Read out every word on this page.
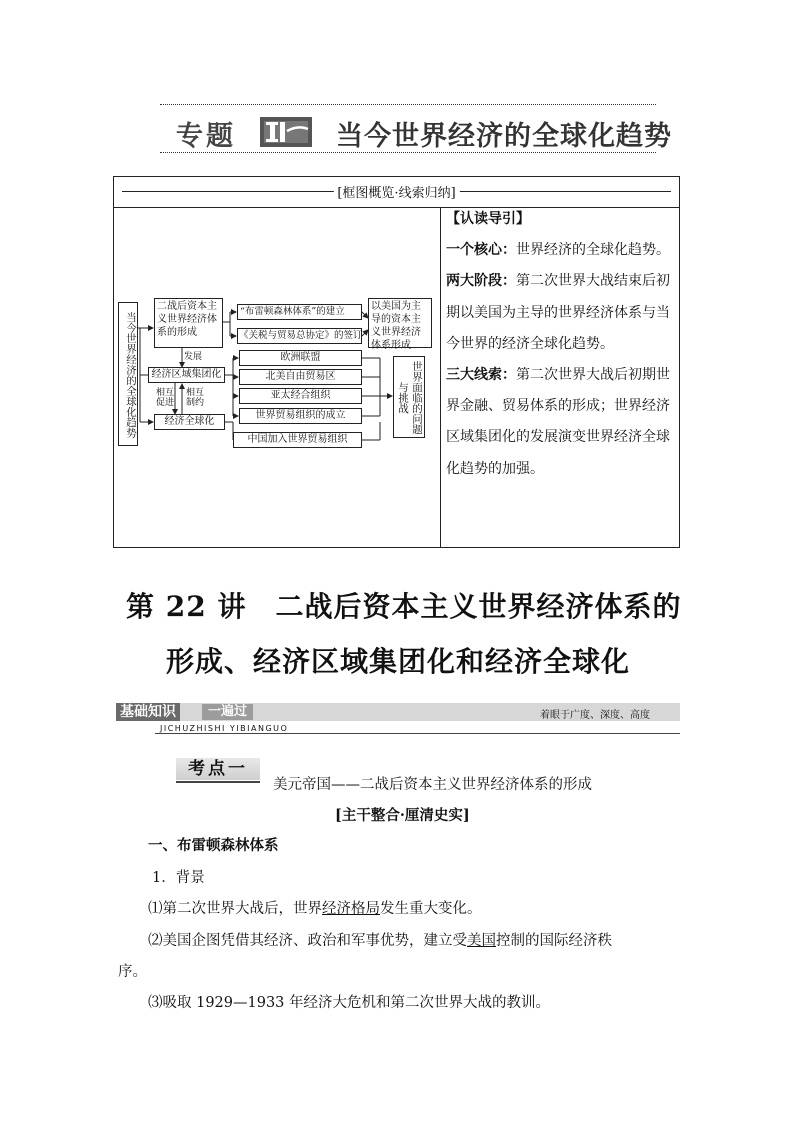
专题	当今世界经济的全球化趋势
[框图概览·线索归纳]
当今世界经济的全球化趋势
二战后资本主义世界经济体系的形成
“布雷顿森林体系”的建立
《关税与贸易总协定》的签订
以美国为主导的资本主义世界经济体系形成
发展
经济区域集团化
欧洲联盟
北美自由贸易区
亚太经合组织
世界贸易组织的成立
中国加入世界贸易组织
世界面临的问题与挑战
相互促进
相互制约
经济全球化

【认读导引】

一个核心：世界经济的全球化趋势。

两大阶段：第二次世界大战结束后初期以美国为主导的世界经济体系与当今世界的经济全球化趋势。

三大线索：第二次世界大战后初期世界金融、贸易体系的形成；世界经济区域集团化的发展演变世界经济全球化趋势的加强。

第 22 讲　二战后资本主义世界经济体系的
形成、经济区域集团化和经济全球化
基础知识	一遍过	着眼于广度、深度、高度
JICHUZHISHI YIBIANGUO
考点一
美元帝国——二战后资本主义世界经济体系的形成
[主干整合·厘清史实]
一、布雷顿森林体系
1．背景
⑴第二次世界大战后，世界经济格局发生重大变化。
⑵美国企图凭借其经济、政治和军事优势，建立受美国控制的国际经济秩
序。
⑶吸取 1929—1933 年经济大危机和第二次世界大战的教训。
